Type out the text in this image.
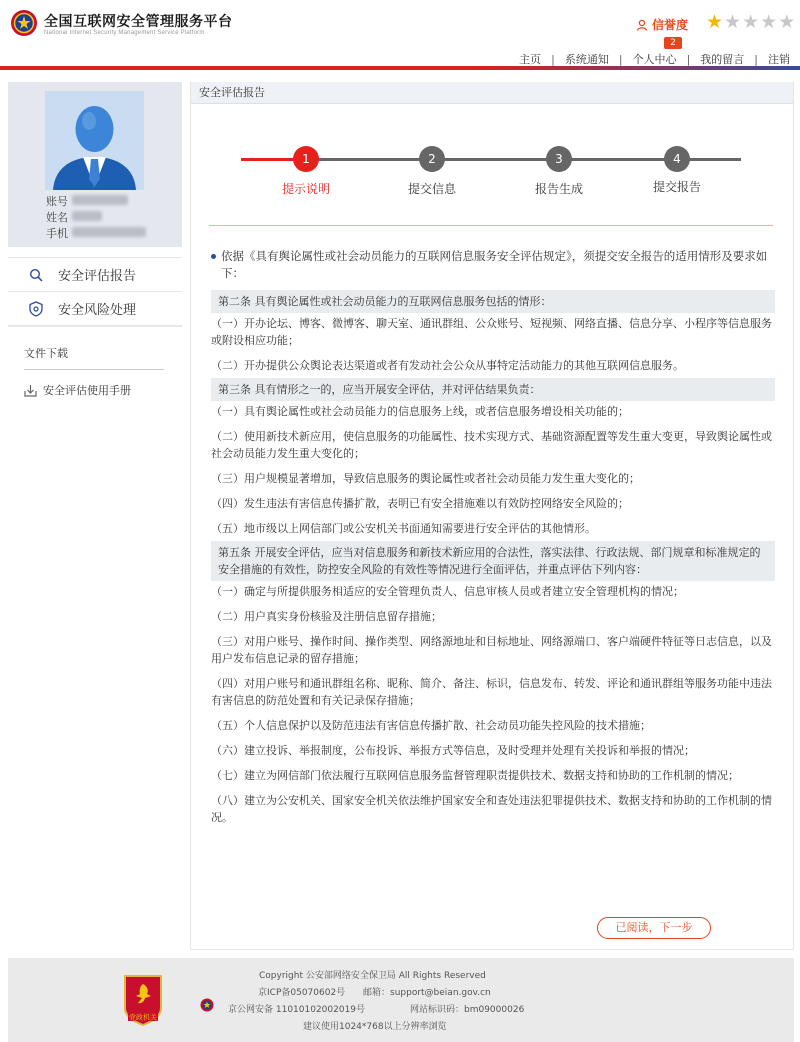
全国互联网安全管理服务平台
National Internet Security Management Service Platform
信誉度
2
★ ★ ★ ★ ★
主页 | 系统通知 | 个人中心 | 我的留言 | 注销
账号
姓名
手机
安全评估报告
安全风险处理
文件下载
安全评估使用手册
安全评估报告
1	2	3	4
提示说明	提交信息	报告生成	提交报告
依据《具有舆论属性或社会动员能力的互联网信息服务安全评估规定》，须提交安全报告的适用情形及要求如下：
第二条 具有舆论属性或社会动员能力的互联网信息服务包括的情形：
（一）开办论坛、博客、微博客、聊天室、通讯群组、公众账号、短视频、网络直播、信息分享、小程序等信息服务或附设相应功能；
（二）开办提供公众舆论表达渠道或者有发动社会公众从事特定活动能力的其他互联网信息服务。
第三条 具有情形之一的，应当开展安全评估，并对评估结果负责：
（一）具有舆论属性或社会动员能力的信息服务上线，或者信息服务增设相关功能的；
（二）使用新技术新应用，使信息服务的功能属性、技术实现方式、基础资源配置等发生重大变更，导致舆论属性或社会动员能力发生重大变化的；
（三）用户规模显著增加，导致信息服务的舆论属性或者社会动员能力发生重大变化的；
（四）发生违法有害信息传播扩散，表明已有安全措施难以有效防控网络安全风险的；
（五）地市级以上网信部门或公安机关书面通知需要进行安全评估的其他情形。
第五条 开展安全评估，应当对信息服务和新技术新应用的合法性，落实法律、行政法规、部门规章和标准规定的安全措施的有效性，防控安全风险的有效性等情况进行全面评估，并重点评估下列内容：
（一）确定与所提供服务相适应的安全管理负责人、信息审核人员或者建立安全管理机构的情况；
（二）用户真实身份核验及注册信息留存措施；
（三）对用户账号、操作时间、操作类型、网络源地址和目标地址、网络源端口、客户端硬件特征等日志信息，以及用户发布信息记录的留存措施；
（四）对用户账号和通讯群组名称、昵称、简介、备注、标识，信息发布、转发、评论和通讯群组等服务功能中违法有害信息的防范处置和有关记录保存措施；
（五）个人信息保护以及防范违法有害信息传播扩散、社会动员功能失控风险的技术措施；
（六）建立投诉、举报制度，公布投诉、举报方式等信息，及时受理并处理有关投诉和举报的情况；
（七）建立为网信部门依法履行互联网信息服务监督管理职责提供技术、数据支持和协助的工作机制的情况；
（八）建立为公安机关、国家安全机关依法维护国家安全和查处违法犯罪提供技术、数据支持和协助的工作机制的情况。
已阅读，下一步
党政机关
Copyright 公安部网络安全保卫局 All Rights Reserved
京ICP备05070602号 邮箱：support@beian.gov.cn
京公网安备 11010102002019号	网站标识码：bm09000026
建议使用1024*768以上分辨率浏览
